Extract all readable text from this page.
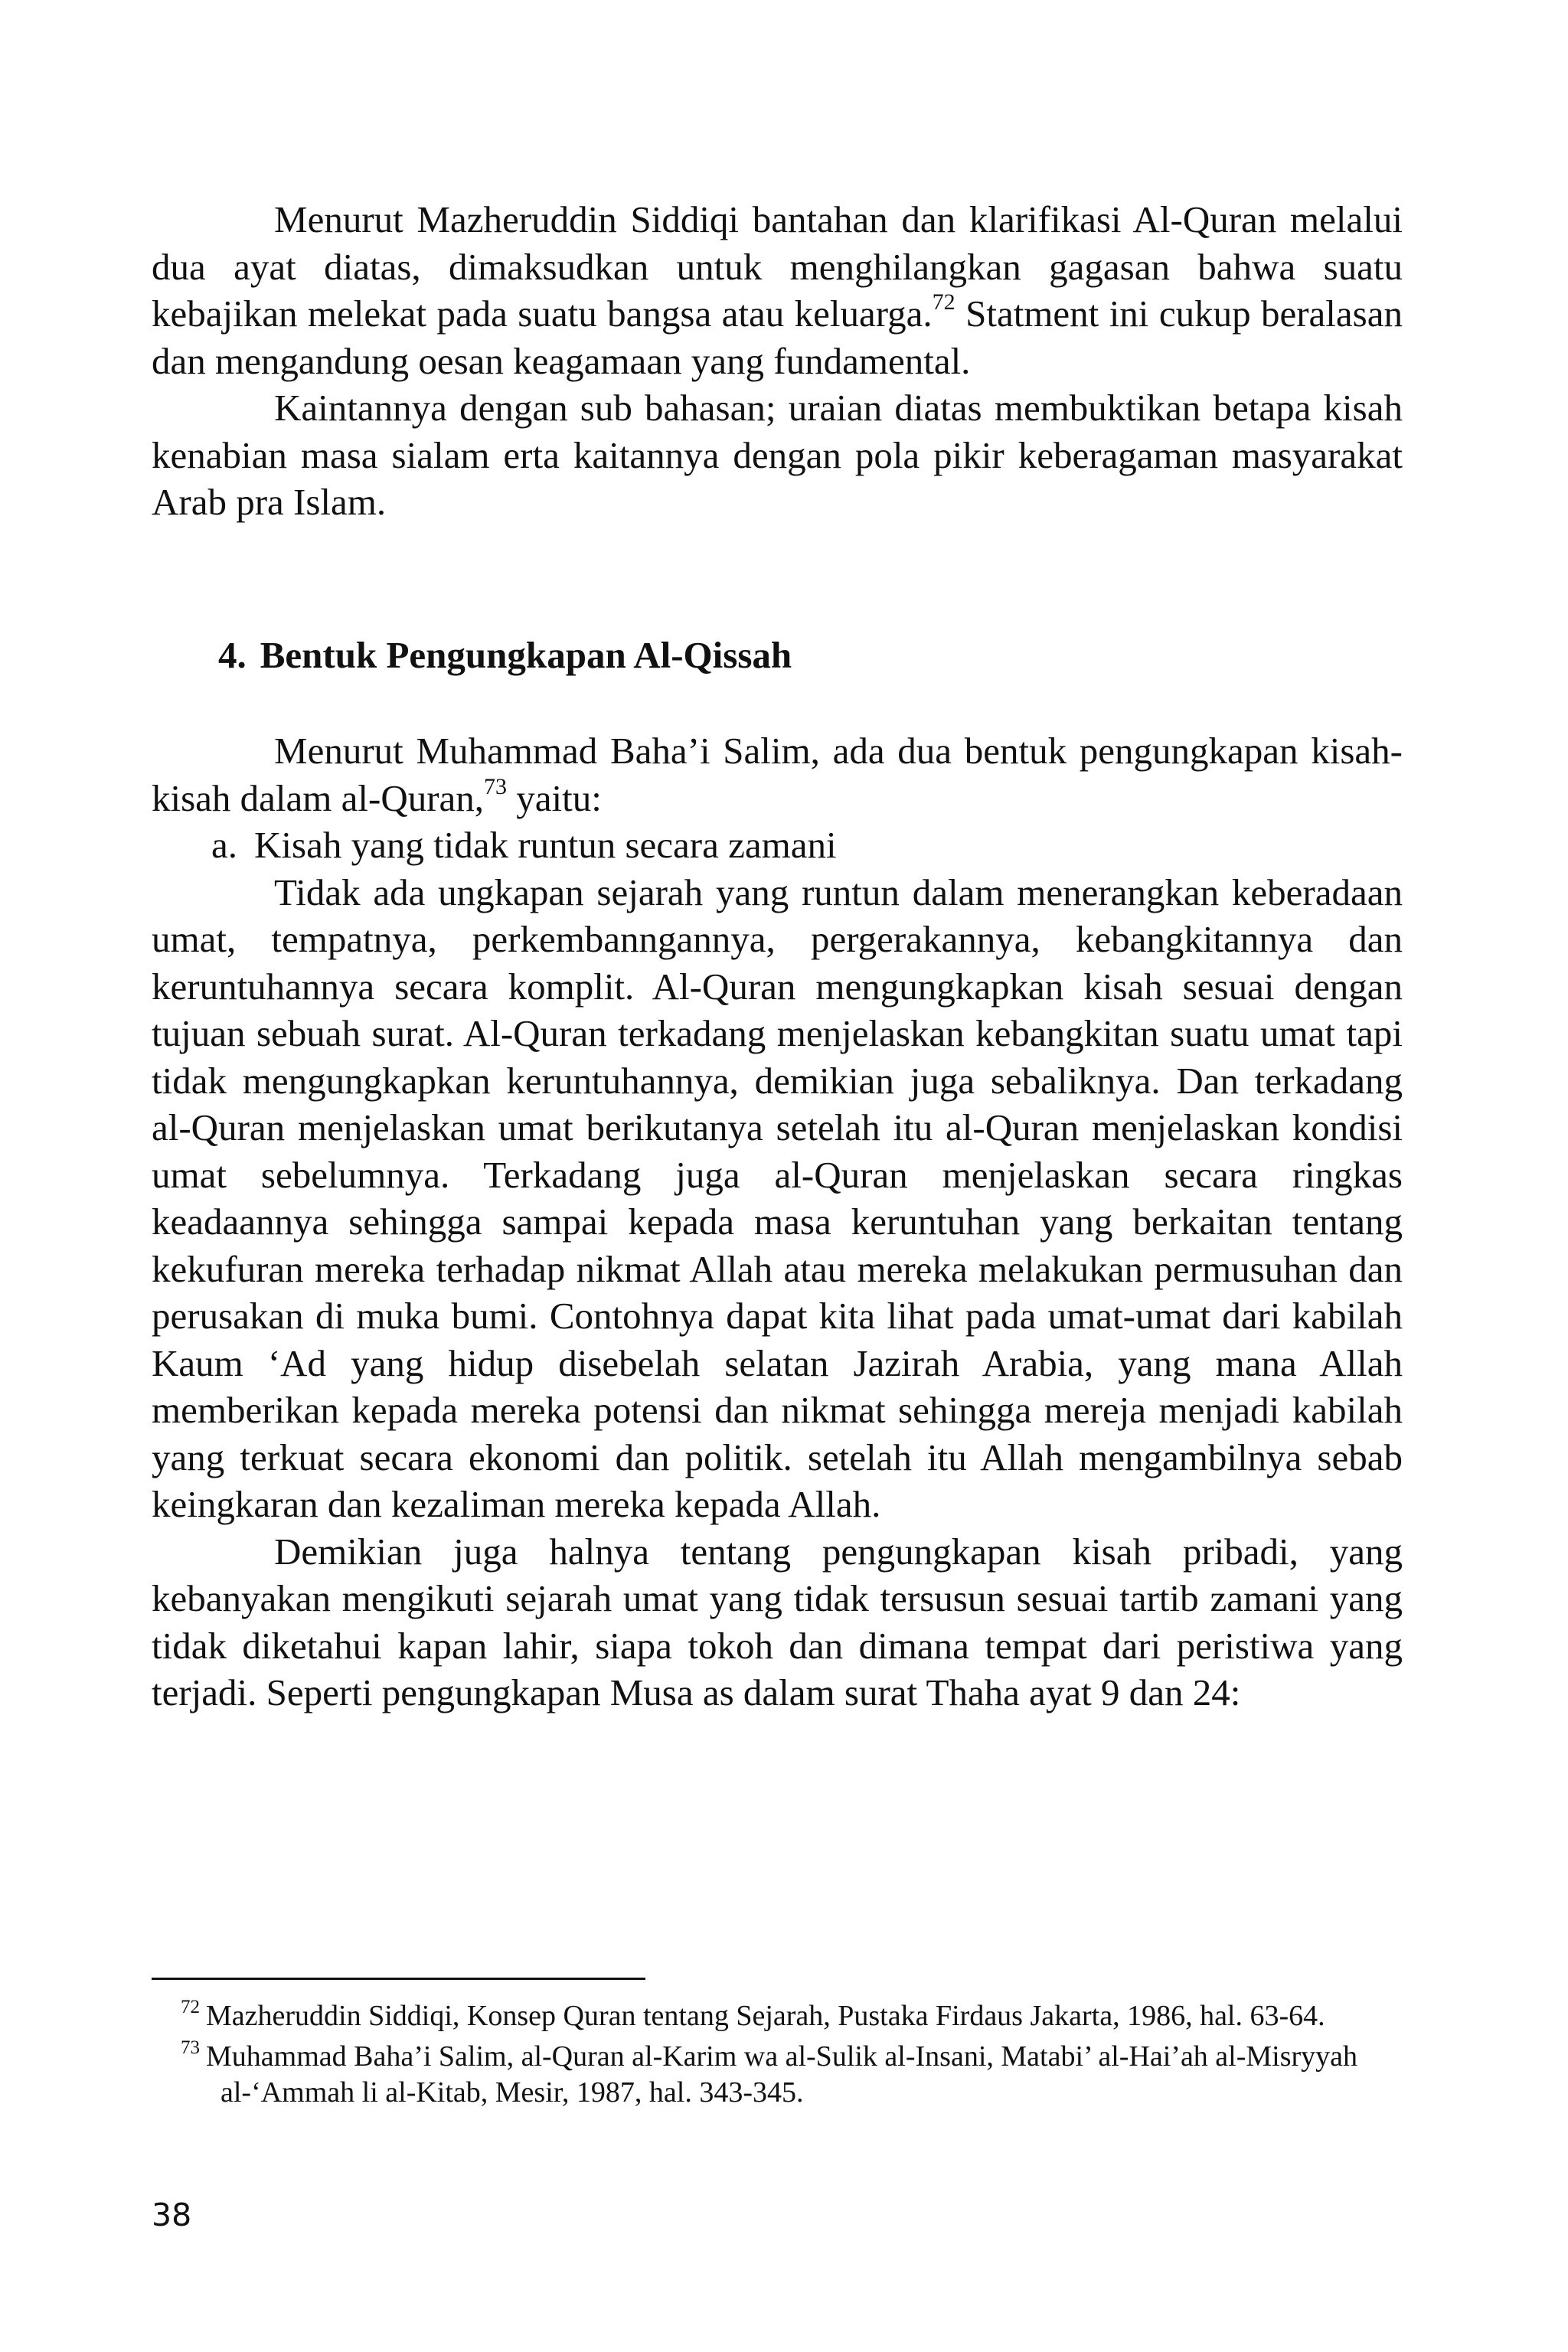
Menurut Mazheruddin Siddiqi bantahan dan klarifikasi Al-Quran melalui dua ayat diatas, dimaksudkan untuk menghilangkan gagasan bahwa suatu kebajikan melekat pada suatu bangsa atau keluarga.$^{72}$ Statment ini cukup beralasan dan mengandung oesan keagamaan yang fundamental.

Kaintannya dengan sub bahasan; uraian diatas membuktikan betapa kisah kenabian masa sialam erta kaitannya dengan pola pikir keberagaman masyarakat Arab pra Islam.

4. Bentuk Pengungkapan Al-Qissah

Menurut Muhammad Baha’i Salim, ada dua bentuk pengungkapan kisah-kisah dalam al-Quran,$^{73}$ yaitu:

a. Kisah yang tidak runtun secara zamani

Tidak ada ungkapan sejarah yang runtun dalam menerangkan keberadaan umat, tempatnya, perkembanngannya, pergerakannya, kebangkitannya dan keruntuhannya secara komplit. Al-Quran mengungkapkan kisah sesuai dengan tujuan sebuah surat. Al-Quran terkadang menjelaskan kebangkitan suatu umat tapi tidak mengungkapkan keruntuhannya, demikian juga sebaliknya. Dan terkadang al-Quran menjelaskan umat berikutanya setelah itu al-Quran menjelaskan kondisi umat sebelumnya. Terkadang juga al-Quran menjelaskan secara ringkas keadaannya sehingga sampai kepada masa keruntuhan yang berkaitan tentang kekufuran mereka terhadap nikmat Allah atau mereka melakukan permusuhan dan perusakan di muka bumi. Contohnya dapat kita lihat pada umat-umat dari kabilah Kaum ‘Ad yang hidup disebelah selatan Jazirah Arabia, yang mana Allah memberikan kepada mereka potensi dan nikmat sehingga mereja menjadi kabilah yang terkuat secara ekonomi dan politik. setelah itu Allah mengambilnya sebab keingkaran dan kezaliman mereka kepada Allah.

Demikian juga halnya tentang pengungkapan kisah pribadi, yang kebanyakan mengikuti sejarah umat yang tidak tersusun sesuai tartib zamani yang tidak diketahui kapan lahir, siapa tokoh dan dimana tempat dari peristiwa yang terjadi. Seperti pengungkapan Musa as dalam surat Thaha ayat 9 dan 24:

$^{72}$ Mazheruddin Siddiqi, Konsep Quran tentang Sejarah, Pustaka Firdaus Jakarta, 1986, hal. 63-64.

$^{73}$ Muhammad Baha’i Salim, al-Quran al-Karim wa al-Sulik al-Insani, Matabi’ al-Hai’ah al-Misryyah al-‘Ammah li al-Kitab, Mesir, 1987, hal. 343-345.

38
